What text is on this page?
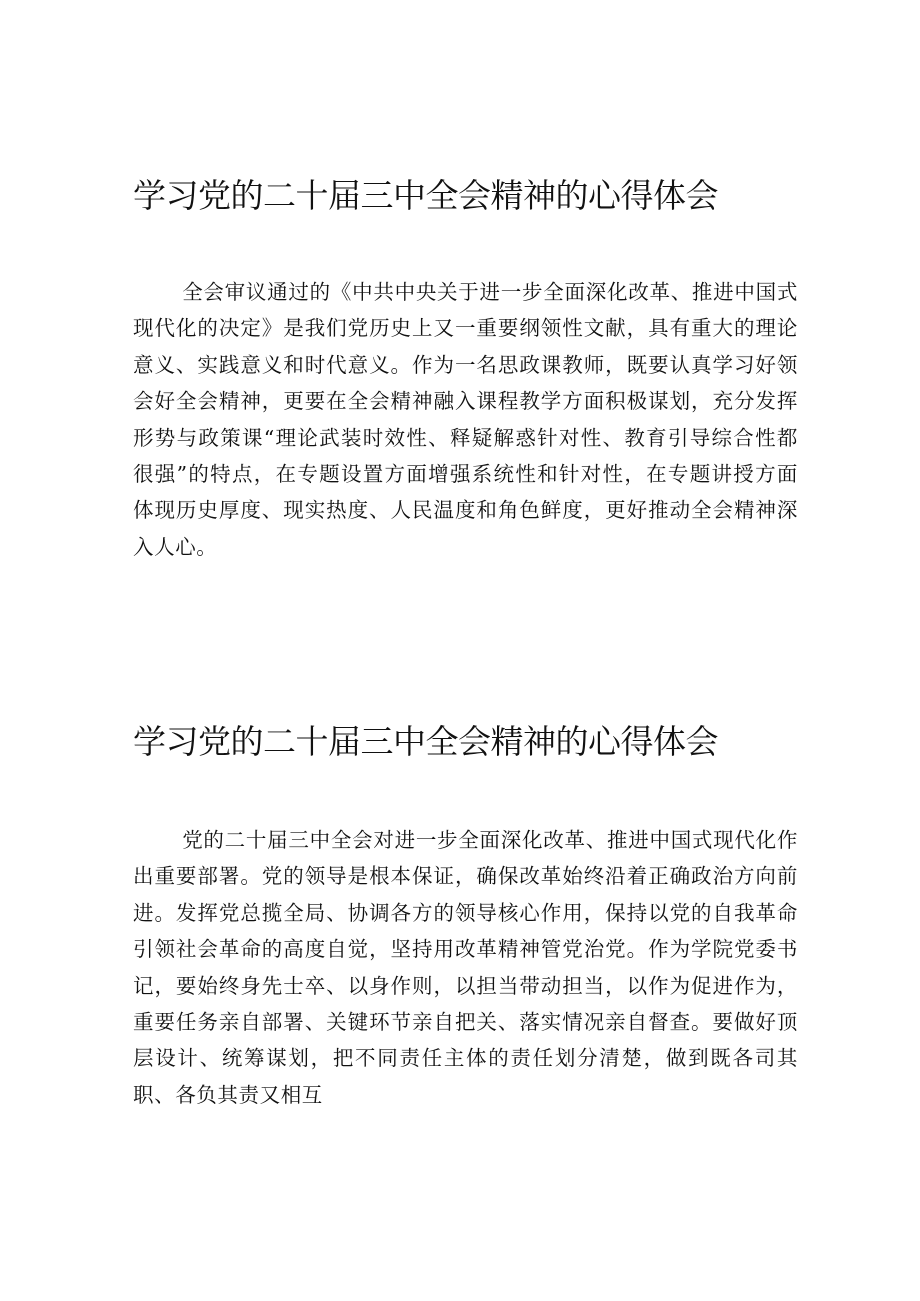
学习党的二十届三中全会精神的心得体会

全会审议通过的《中共中央关于进一步全面深化改革、推进中国式现代化的决定》是我们党历史上又一重要纲领性文献，具有重大的理论意义、实践意义和时代意义。作为一名思政课教师，既要认真学习好领会好全会精神，更要在全会精神融入课程教学方面积极谋划，充分发挥形势与政策课“理论武装时效性、释疑解惑针对性、教育引导综合性都很强”的特点，在专题设置方面增强系统性和针对性，在专题讲授方面体现历史厚度、现实热度、人民温度和角色鲜度，更好推动全会精神深入人心。

学习党的二十届三中全会精神的心得体会

党的二十届三中全会对进一步全面深化改革、推进中国式现代化作出重要部署。党的领导是根本保证，确保改革始终沿着正确政治方向前进。发挥党总揽全局、协调各方的领导核心作用，保持以党的自我革命引领社会革命的高度自觉，坚持用改革精神管党治党。作为学院党委书记，要始终身先士卒、以身作则，以担当带动担当，以作为促进作为，重要任务亲自部署、关键环节亲自把关、落实情况亲自督查。要做好顶层设计、统筹谋划，把不同责任主体的责任划分清楚，做到既各司其职、各负其责又相互
